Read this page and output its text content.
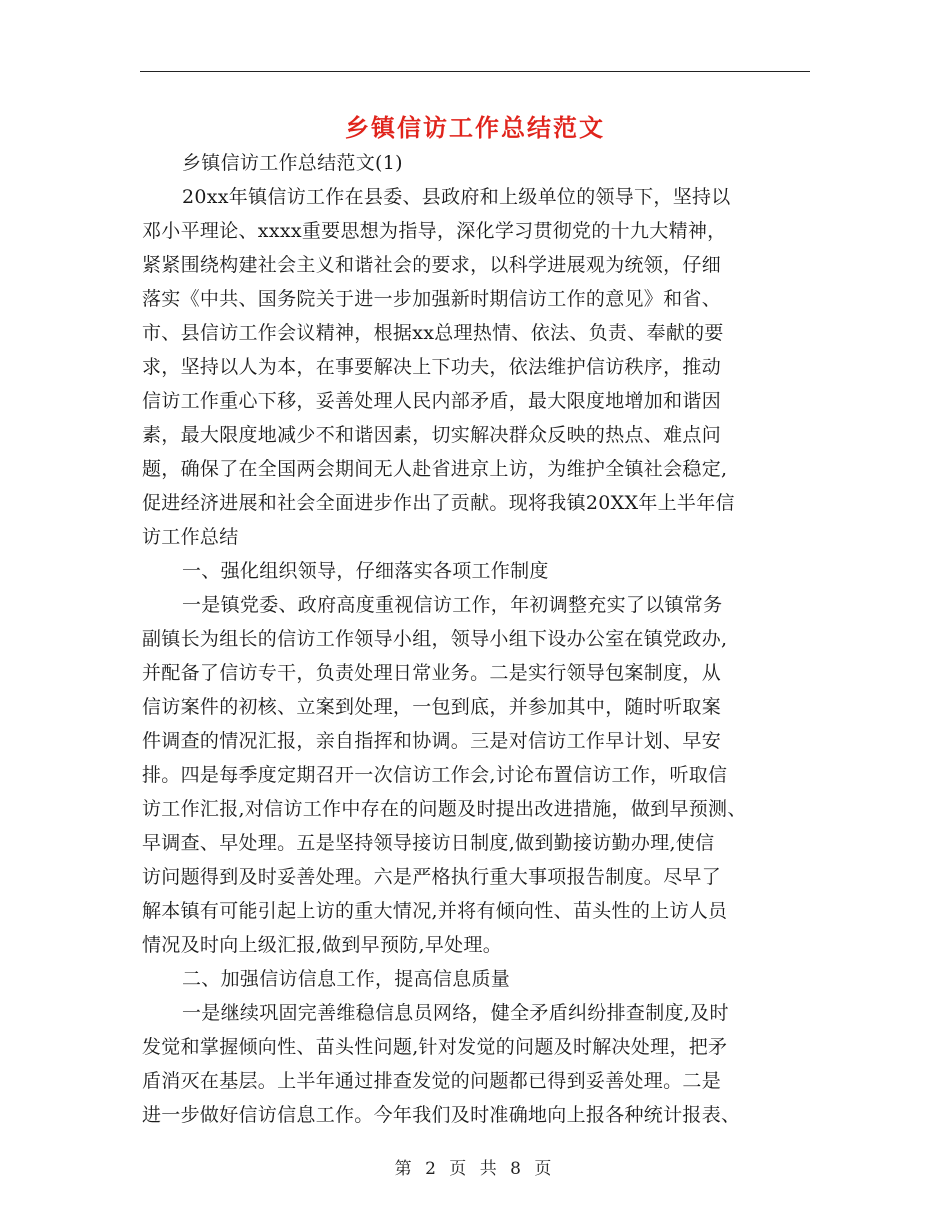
乡镇信访工作总结范文
乡镇信访工作总结范文(1)
20xx年镇信访工作在县委、县政府和上级单位的领导下，坚持以
邓小平理论、xxxx重要思想为指导，深化学习贯彻党的十九大精神，
紧紧围绕构建社会主义和谐社会的要求，以科学进展观为统领，仔细
落实《中共、国务院关于进一步加强新时期信访工作的意见》和省、
市、县信访工作会议精神，根据xx总理热情、依法、负责、奉献的要
求，坚持以人为本，在事要解决上下功夫，依法维护信访秩序，推动
信访工作重心下移，妥善处理人民内部矛盾，最大限度地增加和谐因
素，最大限度地减少不和谐因素，切实解决群众反映的热点、难点问
题，确保了在全国两会期间无人赴省进京上访，为维护全镇社会稳定,
促进经济进展和社会全面进步作出了贡献。现将我镇20XX年上半年信
访工作总结
一、强化组织领导，仔细落实各项工作制度
一是镇党委、政府高度重视信访工作，年初调整充实了以镇常务
副镇长为组长的信访工作领导小组，领导小组下设办公室在镇党政办,
并配备了信访专干，负责处理日常业务。二是实行领导包案制度，从
信访案件的初核、立案到处理，一包到底，并参加其中，随时听取案
件调查的情况汇报，亲自指挥和协调。三是对信访工作早计划、早安
排。四是每季度定期召开一次信访工作会,讨论布置信访工作，听取信
访工作汇报,对信访工作中存在的问题及时提出改进措施，做到早预测、
早调查、早处理。五是坚持领导接访日制度,做到勤接访勤办理,使信
访问题得到及时妥善处理。六是严格执行重大事项报告制度。尽早了
解本镇有可能引起上访的重大情况,并将有倾向性、苗头性的上访人员
情况及时向上级汇报,做到早预防,早处理。
二、加强信访信息工作，提高信息质量
一是继续巩固完善维稳信息员网络，健全矛盾纠纷排查制度,及时
发觉和掌握倾向性、苗头性问题,针对发觉的问题及时解决处理，把矛
盾消灭在基层。上半年通过排查发觉的问题都已得到妥善处理。二是
进一步做好信访信息工作。今年我们及时准确地向上报各种统计报表、
第 2 页 共 8 页
